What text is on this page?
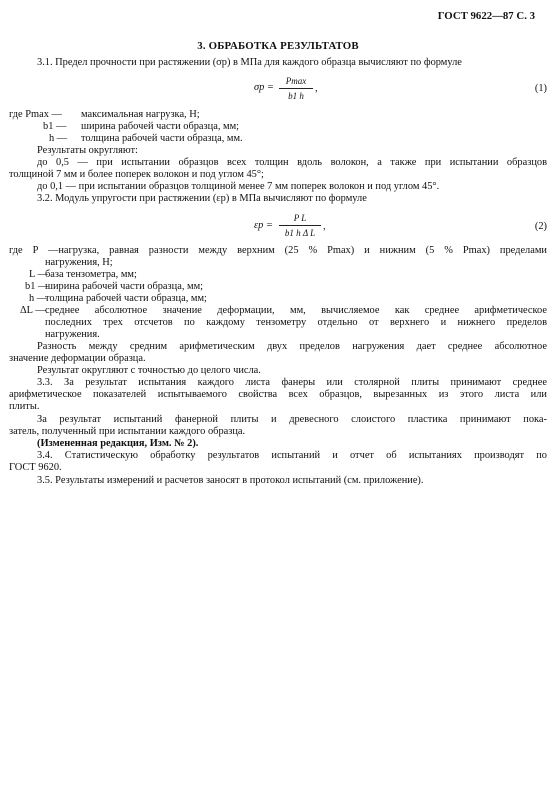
ГОСТ 9622—87 С. 3
3. ОБРАБОТКА РЕЗУЛЬТАТОВ
3.1. Предел прочности при растяжении (σр) в МПа для каждого образца вычисляют по формуле
σр =
Pmax
b1 h
,	(1)
где Pmax — максимальная нагрузка, Н;
b1 — ширина рабочей части образца, мм;
h — толщина рабочей части образца, мм.
Результаты округляют:
до 0,5 — при испытании образцов всех толщин вдоль волокон, а также при испытании образцов
толщиной 7 мм и более поперек волокон и под углом 45°;
до 0,1 — при испытании образцов толщиной менее 7 мм поперек волокон и под углом 45°.
3.2. Модуль упругости при растяжении (εр) в МПа вычисляют по формуле
εр =
P L
b1 h Δ L
,	(2)
где P —нагрузка, равная разности между верхним (25 % Pmax) и нижним (5 % Pmax) пределами
нагружения, Н;
L —
база тензометра, мм;
b1 —
ширина рабочей части образца, мм;
h —
толщина рабочей части образца, мм;
ΔL — среднее абсолютное значение деформации, мм, вычисляемое как среднее арифметическое
последних трех отсчетов по каждому тензометру отдельно от верхнего и нижнего пределов
нагружения.
Разность между средним арифметическим двух пределов нагружения дает среднее абсолютное
значение деформации образца.
Результат округляют с точностью до целого числа.
3.3. За результат испытания каждого листа фанеры или столярной плиты принимают среднее
арифметическое показателей испытываемого свойства всех образцов, вырезанных из этого листа или
плиты.
За результат испытаний фанерной плиты и древесного слоистого пластика принимают пока-
затель, полученный при испытании каждого образца.
(Измененная редакция, Изм. № 2).
3.4. Статистическую обработку результатов испытаний и отчет об испытаниях производят по
ГОСТ 9620.
3.5. Результаты измерений и расчетов заносят в протокол испытаний (см. приложение).
